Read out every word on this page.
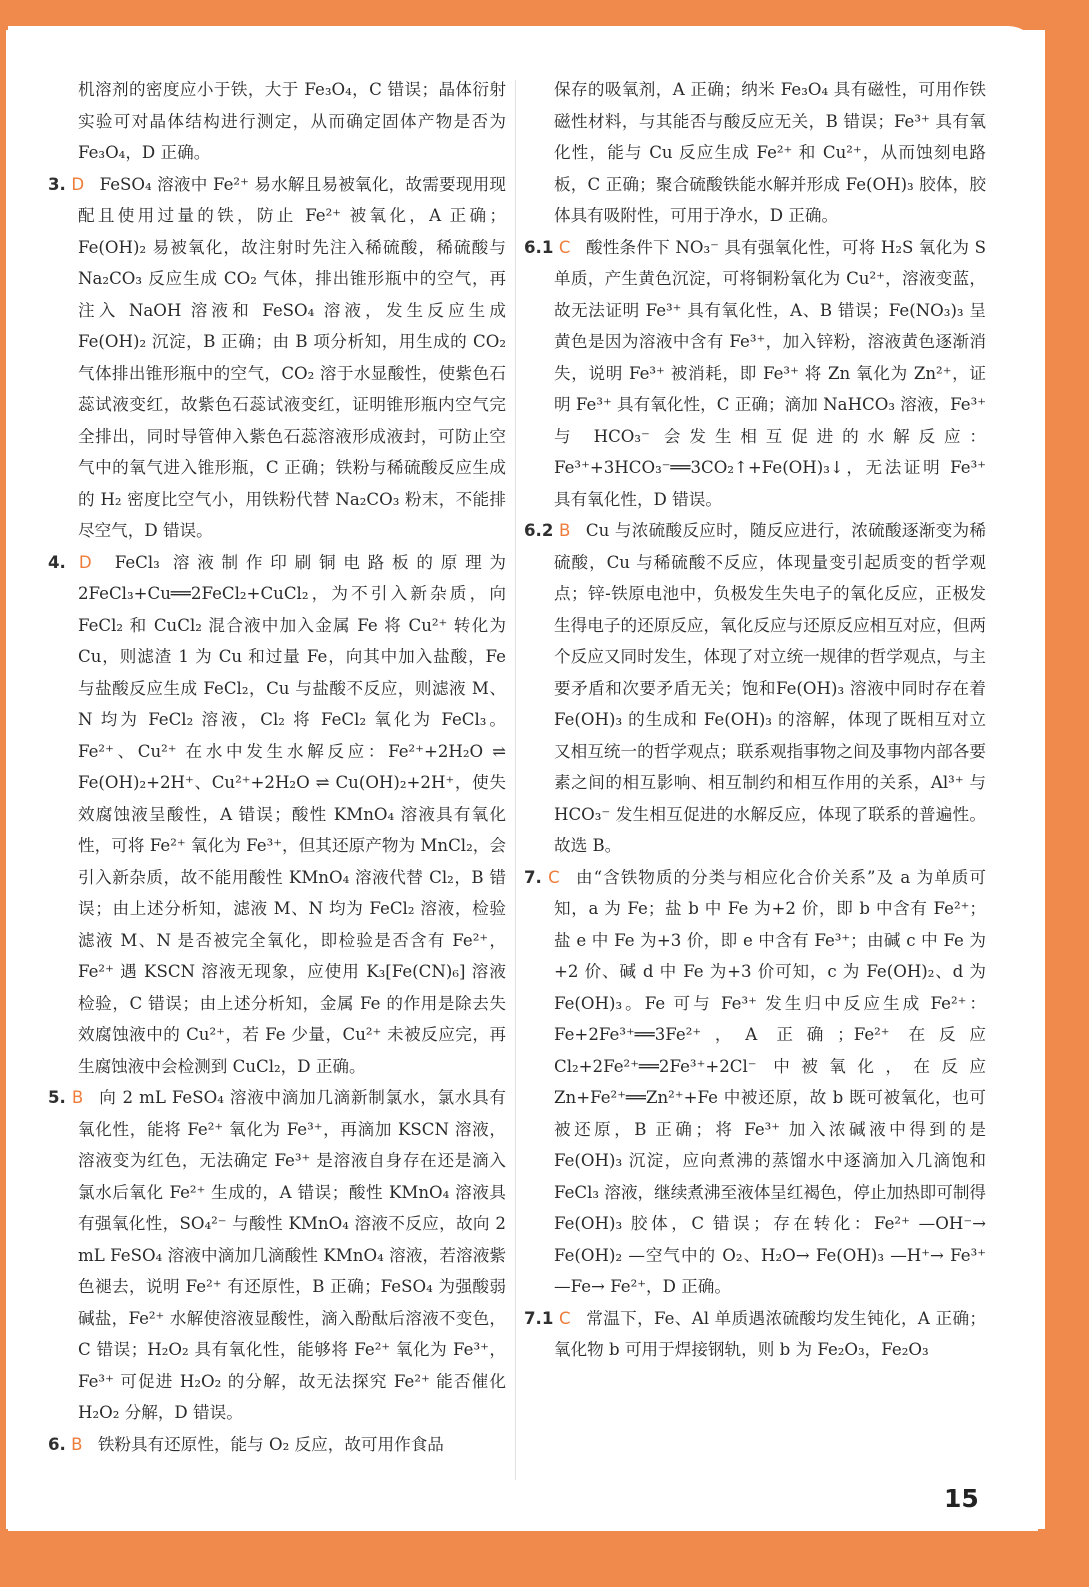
机溶剂的密度应小于铁，大于 Fe₃O₄，C 错误；晶体衍射实验可对晶体结构进行测定，从而确定固体产物是否为 Fe₃O₄，D 正确。

3. D FeSO₄ 溶液中 Fe²⁺ 易水解且易被氧化，故需要现用现配且使用过量的铁，防止 Fe²⁺ 被氧化，A 正确；Fe(OH)₂ 易被氧化，故注射时先注入稀硫酸，稀硫酸与 Na₂CO₃ 反应生成 CO₂ 气体，排出锥形瓶中的空气，再注入 NaOH 溶液和 FeSO₄ 溶液，发生反应生成 Fe(OH)₂ 沉淀，B 正确；由 B 项分析知，用生成的 CO₂ 气体排出锥形瓶中的空气，CO₂ 溶于水显酸性，使紫色石蕊试液变红，故紫色石蕊试液变红，证明锥形瓶内空气完全排出，同时导管伸入紫色石蕊溶液形成液封，可防止空气中的氧气进入锥形瓶，C 正确；铁粉与稀硫酸反应生成的 H₂ 密度比空气小，用铁粉代替 Na₂CO₃ 粉末，不能排尽空气，D 错误。

4. D FeCl₃ 溶液制作印刷铜电路板的原理为 2FeCl₃+Cu══2FeCl₂+CuCl₂，为不引入新杂质，向 FeCl₂ 和 CuCl₂ 混合液中加入金属 Fe 将 Cu²⁺ 转化为 Cu，则滤渣 1 为 Cu 和过量 Fe，向其中加入盐酸，Fe 与盐酸反应生成 FeCl₂，Cu 与盐酸不反应，则滤液 M、N 均为 FeCl₂ 溶液，Cl₂ 将 FeCl₂ 氧化为 FeCl₃。Fe²⁺、Cu²⁺ 在水中发生水解反应：Fe²⁺+2H₂O ⇌ Fe(OH)₂+2H⁺、Cu²⁺+2H₂O ⇌ Cu(OH)₂+2H⁺，使失效腐蚀液呈酸性，A 错误；酸性 KMnO₄ 溶液具有氧化性，可将 Fe²⁺ 氧化为 Fe³⁺，但其还原产物为 MnCl₂，会引入新杂质，故不能用酸性 KMnO₄ 溶液代替 Cl₂，B 错误；由上述分析知，滤液 M、N 均为 FeCl₂ 溶液，检验滤液 M、N 是否被完全氧化，即检验是否含有 Fe²⁺，Fe²⁺ 遇 KSCN 溶液无现象，应使用 K₃[Fe(CN)₆] 溶液检验，C 错误；由上述分析知，金属 Fe 的作用是除去失效腐蚀液中的 Cu²⁺，若 Fe 少量，Cu²⁺ 未被反应完，再生腐蚀液中会检测到 CuCl₂，D 正确。

5. B 向 2 mL FeSO₄ 溶液中滴加几滴新制氯水，氯水具有氧化性，能将 Fe²⁺ 氧化为 Fe³⁺，再滴加 KSCN 溶液，溶液变为红色，无法确定 Fe³⁺ 是溶液自身存在还是滴入氯水后氧化 Fe²⁺ 生成的，A 错误；酸性 KMnO₄ 溶液具有强氧化性，SO₄²⁻ 与酸性 KMnO₄ 溶液不反应，故向 2 mL FeSO₄ 溶液中滴加几滴酸性 KMnO₄ 溶液，若溶液紫色褪去，说明 Fe²⁺ 有还原性，B 正确；FeSO₄ 为强酸弱碱盐，Fe²⁺ 水解使溶液显酸性，滴入酚酞后溶液不变色，C 错误；H₂O₂ 具有氧化性，能够将 Fe²⁺ 氧化为 Fe³⁺，Fe³⁺ 可促进 H₂O₂ 的分解，故无法探究 Fe²⁺ 能否催化 H₂O₂ 分解，D 错误。

6. B 铁粉具有还原性，能与 O₂ 反应，故可用作食品

保存的吸氧剂，A 正确；纳米 Fe₃O₄ 具有磁性，可用作铁磁性材料，与其能否与酸反应无关，B 错误；Fe³⁺ 具有氧化性，能与 Cu 反应生成 Fe²⁺ 和 Cu²⁺，从而蚀刻电路板，C 正确；聚合硫酸铁能水解并形成 Fe(OH)₃ 胶体，胶体具有吸附性，可用于净水，D 正确。

6.1 C 酸性条件下 NO₃⁻ 具有强氧化性，可将 H₂S 氧化为 S 单质，产生黄色沉淀，可将铜粉氧化为 Cu²⁺，溶液变蓝，故无法证明 Fe³⁺ 具有氧化性，A、B 错误；Fe(NO₃)₃ 呈黄色是因为溶液中含有 Fe³⁺，加入锌粉，溶液黄色逐渐消失，说明 Fe³⁺ 被消耗，即 Fe³⁺ 将 Zn 氧化为 Zn²⁺，证明 Fe³⁺ 具有氧化性，C 正确；滴加 NaHCO₃ 溶液，Fe³⁺ 与 HCO₃⁻ 会发生相互促进的水解反应：Fe³⁺+3HCO₃⁻══3CO₂↑+Fe(OH)₃↓，无法证明 Fe³⁺ 具有氧化性，D 错误。

6.2 B Cu 与浓硫酸反应时，随反应进行，浓硫酸逐渐变为稀硫酸，Cu 与稀硫酸不反应，体现量变引起质变的哲学观点；锌-铁原电池中，负极发生失电子的氧化反应，正极发生得电子的还原反应，氧化反应与还原反应相互对应，但两个反应又同时发生，体现了对立统一规律的哲学观点，与主要矛盾和次要矛盾无关；饱和Fe(OH)₃ 溶液中同时存在着 Fe(OH)₃ 的生成和 Fe(OH)₃ 的溶解，体现了既相互对立又相互统一的哲学观点；联系观指事物之间及事物内部各要素之间的相互影响、相互制约和相互作用的关系，Al³⁺ 与 HCO₃⁻ 发生相互促进的水解反应，体现了联系的普遍性。故选 B。

7. C 由“含铁物质的分类与相应化合价关系”及 a 为单质可知，a 为 Fe；盐 b 中 Fe 为+2 价，即 b 中含有 Fe²⁺；盐 e 中 Fe 为+3 价，即 e 中含有 Fe³⁺；由碱 c 中 Fe 为+2 价、碱 d 中 Fe 为+3 价可知，c 为 Fe(OH)₂、d 为 Fe(OH)₃。Fe 可与 Fe³⁺ 发生归中反应生成 Fe²⁺：Fe+2Fe³⁺══3Fe²⁺，A 正确；Fe²⁺ 在反应 Cl₂+2Fe²⁺══2Fe³⁺+2Cl⁻ 中被氧化，在反应 Zn+Fe²⁺══Zn²⁺+Fe 中被还原，故 b 既可被氧化，也可被还原，B 正确；将 Fe³⁺ 加入浓碱液中得到的是 Fe(OH)₃ 沉淀，应向煮沸的蒸馏水中逐滴加入几滴饱和 FeCl₃ 溶液，继续煮沸至液体呈红褐色，停止加热即可制得 Fe(OH)₃ 胶体，C 错误；存在转化：Fe²⁺ —OH⁻→ Fe(OH)₂ —空气中的 O₂、H₂O→ Fe(OH)₃ —H⁺→ Fe³⁺ —Fe→ Fe²⁺，D 正确。

7.1 C 常温下，Fe、Al 单质遇浓硫酸均发生钝化，A 正确；氧化物 b 可用于焊接钢轨，则 b 为 Fe₂O₃，Fe₂O₃

15
